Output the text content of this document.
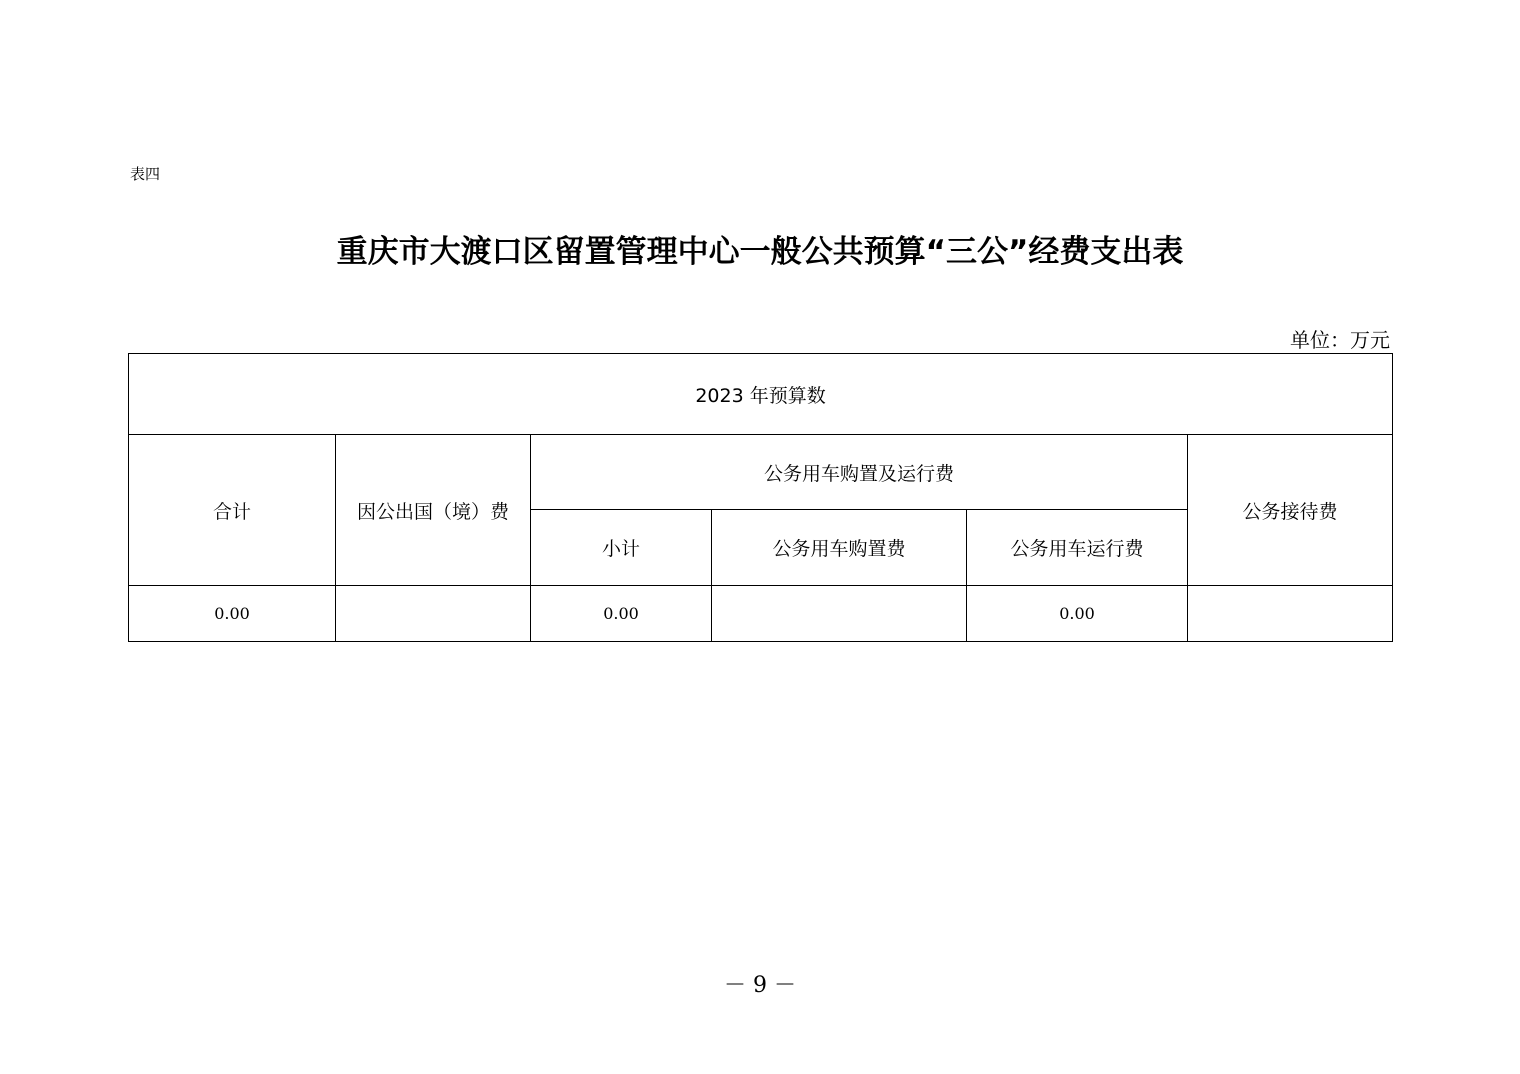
表四
重庆市大渡口区留置管理中心一般公共预算“三公”经费支出表
单位：万元
2023 年预算数					
合计	因公出国（境）费	公务用车购置及运行费			公务接待费
		小计	公务用车购置费	公务用车运行费	
0.00		0.00		0.00	
－ 9 －
